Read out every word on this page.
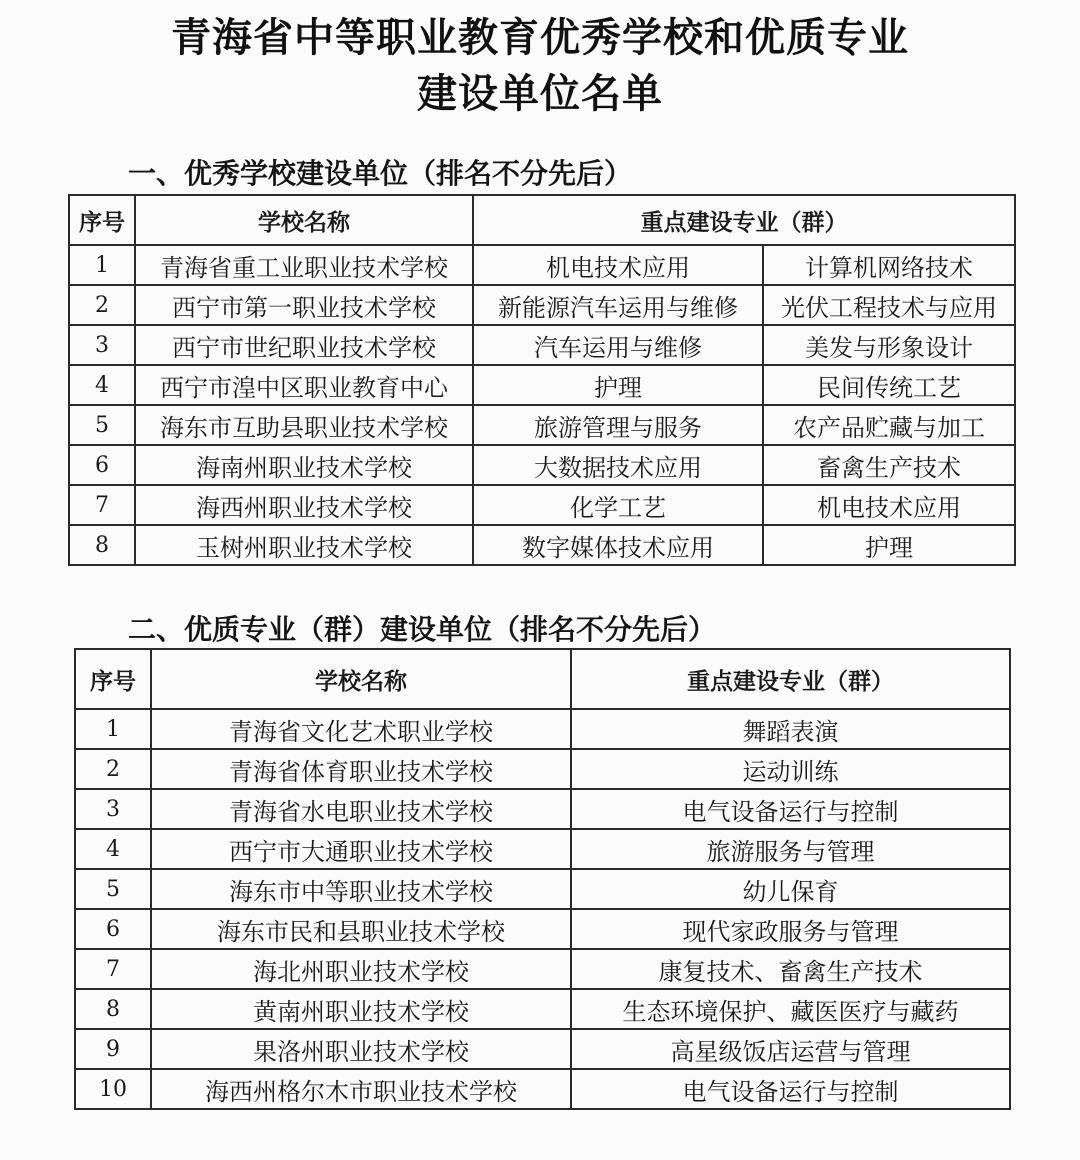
青海省中等职业教育优秀学校和优质专业
建设单位名单
一、优秀学校建设单位（排名不分先后）
序号	学校名称	重点建设专业（群）	
1	青海省重工业职业技术学校	机电技术应用	计算机网络技术
2	西宁市第一职业技术学校	新能源汽车运用与维修	光伏工程技术与应用
3	西宁市世纪职业技术学校	汽车运用与维修	美发与形象设计
4	西宁市湟中区职业教育中心	护理	民间传统工艺
5	海东市互助县职业技术学校	旅游管理与服务	农产品贮藏与加工
6	海南州职业技术学校	大数据技术应用	畜禽生产技术
7	海西州职业技术学校	化学工艺	机电技术应用
8	玉树州职业技术学校	数字媒体技术应用	护理
二、优质专业（群）建设单位（排名不分先后）
序号	学校名称	重点建设专业（群）
1	青海省文化艺术职业学校	舞蹈表演
2	青海省体育职业技术学校	运动训练
3	青海省水电职业技术学校	电气设备运行与控制
4	西宁市大通职业技术学校	旅游服务与管理
5	海东市中等职业技术学校	幼儿保育
6	海东市民和县职业技术学校	现代家政服务与管理
7	海北州职业技术学校	康复技术、畜禽生产技术
8	黄南州职业技术学校	生态环境保护、藏医医疗与藏药
9	果洛州职业技术学校	高星级饭店运营与管理
10	海西州格尔木市职业技术学校	电气设备运行与控制
